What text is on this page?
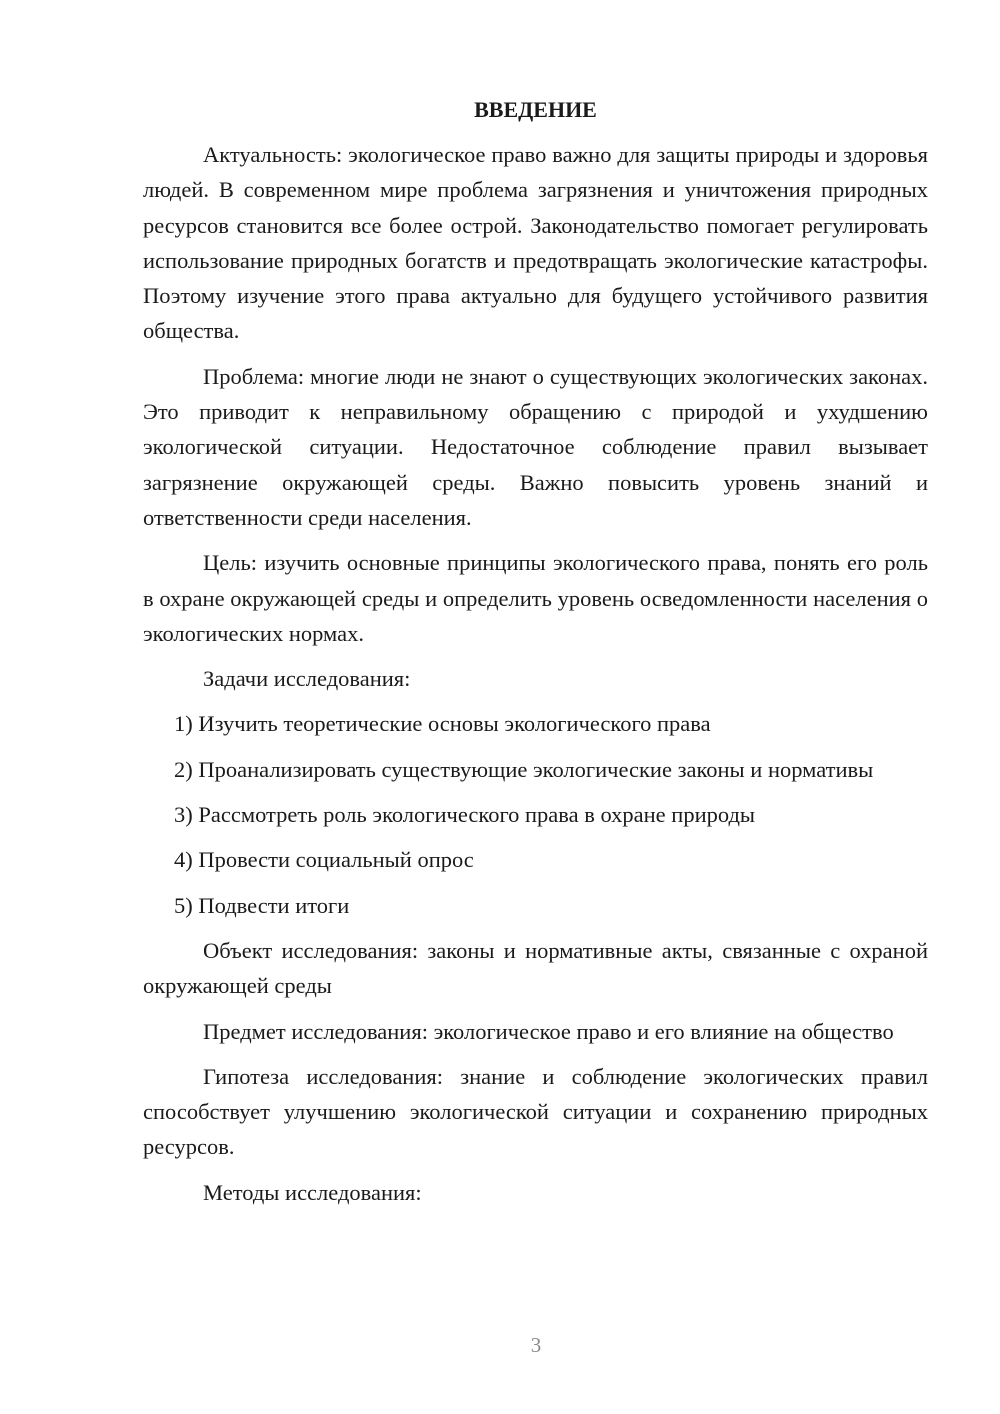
ВВЕДЕНИЕ

Актуальность: экологическое право важно для защиты природы и здоровья людей. В современном мире проблема загрязнения и уничтожения природных ресурсов становится все более острой. Законодательство помогает регулировать использование природных богатств и предотвращать экологические катастрофы. Поэтому изучение этого права актуально для будущего устойчивого развития общества.

Проблема: многие люди не знают о существующих экологических законах. Это приводит к неправильному обращению с природой и ухудшению экологической ситуации. Недостаточное соблюдение правил вызывает загрязнение окружающей среды. Важно повысить уровень знаний и ответственности среди населения.

Цель: изучить основные принципы экологического права, понять его роль в охране окружающей среды и определить уровень осведомленности населения о экологических нормах.

Задачи исследования:

1) Изучить теоретические основы экологического права

2) Проанализировать существующие экологические законы и нормативы

3) Рассмотреть роль экологического права в охране природы

4) Провести социальный опрос

5) Подвести итоги

Объект исследования: законы и нормативные акты, связанные с охраной окружающей среды

Предмет исследования: экологическое право и его влияние на общество

Гипотеза исследования: знание и соблюдение экологических правил способствует улучшению экологической ситуации и сохранению природных ресурсов.

Методы исследования:

3
